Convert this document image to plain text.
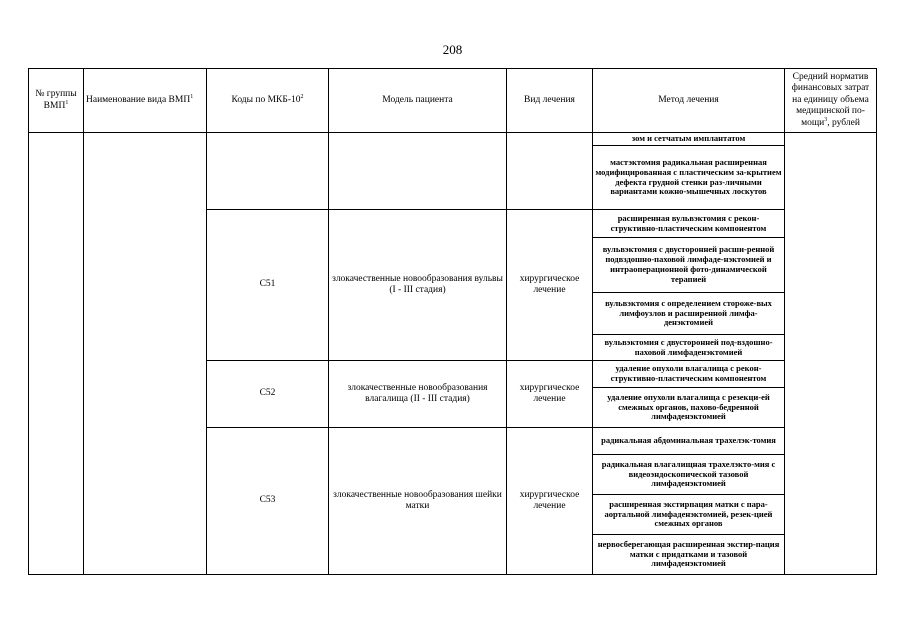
208
№ группы ВМП$^1$	Наименование вида ВМП$^1$	Коды по МКБ-$10^2$	Модель пациента	Вид лечения	Метод лечения	Средний норматив финансовых затрат на единицу объема медицинской по-мощи$^3$, рублей
					зом и сетчатым имплантатом	
					мастэктомия радикальная расширенная модифицированная с пластическим за-крытием дефекта грудной стенки раз-личными вариантами кожно-мышечных лоскутов	
		C51	злокачественные новообразования вульвы (I - III стадия)	хирургическое лечение	расширенная вульвэктомия с рекон-структивно-пластическим компонентом	
					вульвэктомия с двусторонней расши-ренной подвздошно-паховой лимфаде-нэктомией и интраоперационной фото-динамической терапией	
					вульвэктомия с определением стороже-вых лимфоузлов и расширенной лимфа-денэктомией	
					вульвэктомия с двусторонней под-вздошно-паховой лимфаденэктомией	
		C52	злокачественные новообразования влагалища (II - III стадия)	хирургическое лечение	удаление опухоли влагалища с рекон-структивно-пластическим компонентом	
					удаление опухоли влагалища с резекци-ей смежных органов, пахово-бедренной лимфаденэктомией	
		C53	злокачественные новообразования шейки матки	хирургическое лечение	радикальная абдоминальная трахелэк-томия	
					радикальная влагалищная трахелэкто-мия с видеоэндоскопической тазовой лимфаденэктомией	
					расширенная экстирпация матки с пара-аортальной лимфаденэктомией, резек-цией смежных органов	
					нервосберегающая расширенная экстир-пация матки с придатками и тазовой лимфаденэктомией	
